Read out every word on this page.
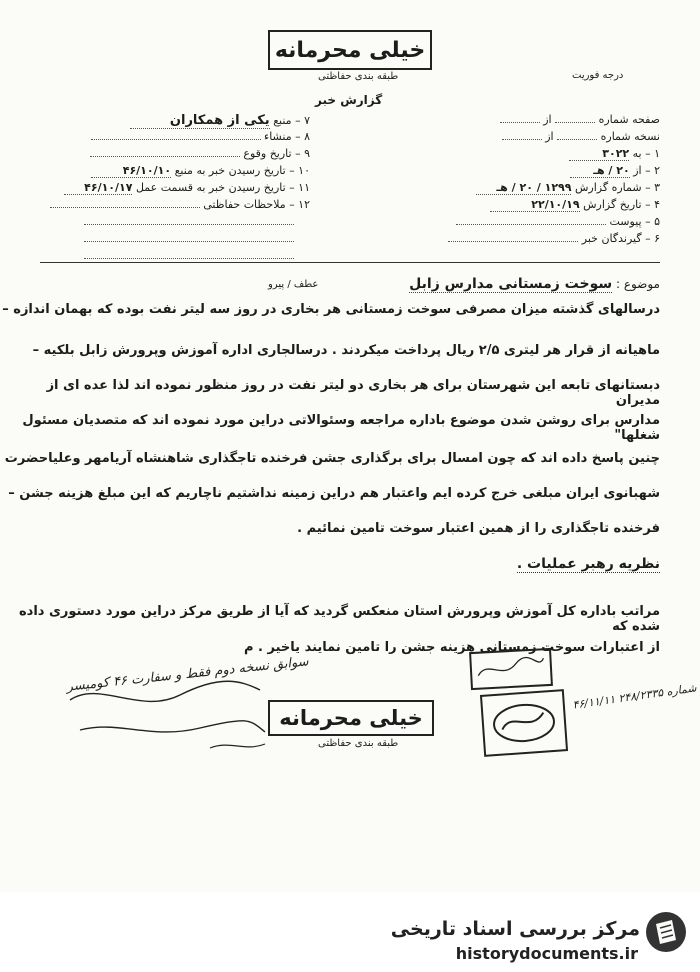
خیلی محرمانه
طبقه بندی حفاظتی	درجه فوریت
گزارش خبر
صفحه شماره  از
نسخه شماره  از
۱ – به ۳۰۲۲
۲ – از ۲۰ / هـ
۳ – شماره گزارش ۱۲۹۹ / ۲۰ / هـ
۴ – تاریخ گزارش ۲۲/۱۰/۱۹
۵ – پیوست
۶ – گیرندگان خبر
۷ – منبع یکی از همکاران
۸ – منشاء
۹ – تاریخ وقوع
۱۰ – تاریخ رسیدن خبر به منبع ۴۶/۱۰/۱۰
۱۱ – تاریخ رسیدن خبر به قسمت عمل ۴۶/۱۰/۱۷
۱۲ – ملاحظات حفاظتی
موضوع : سوخت زمستانی مدارس زابل
عطف / پیرو
درسالهای گذشته میزان مصرفی سوخت زمستانی هر بخاری در روز سه لیتر نفت بوده که بهمان اندازه –
ماهیانه از قرار هر لیتری ۲/۵ ریال پرداخت میکردند . درسالجاری اداره آموزش وپرورش زابل بلکیه –
دبستانهای تابعه این شهرستان برای هر بخاری دو لیتر نفت در روز منظور نموده اند لذا عده ای از مدیران
مدارس برای روشن شدن موضوع باداره مراجعه وسئوالاتی دراین مورد نموده اند که متصدیان مسئول شغلها"
چنین پاسخ داده اند که چون امسال برای برگذاری جشن فرخنده تاجگذاری شاهنشاه آریامهر وعلیاحضرت
شهبانوی ایران مبلغی خرج کرده ایم واعتبار هم دراین زمینه نداشتیم ناچاریم که این مبلغ هزینه جشن –
فرخنده تاجگذاری را از همین اعتبار سوخت تامین نمائیم .
نظریه رهبر عملیات .
مراتب باداره کل آموزش وپرورش استان منعکس گردید که آیا از طریق مرکز دراین مورد دستوری داده شده که
از اعتبارات سوخت زمستانی هزینه جشن را تامین نمایند یاخیر . م
سوابق نسخه دوم فقط و سفارت ۴۶ کومیسر
خیلی محرمانه
طبقه بندی حفاظتی
شماره ۲۴۸/۲۳۳۵ ۴۶/۱۱/۱۱
مرکز بررسی اسناد تاریخی
historydocuments.ir
